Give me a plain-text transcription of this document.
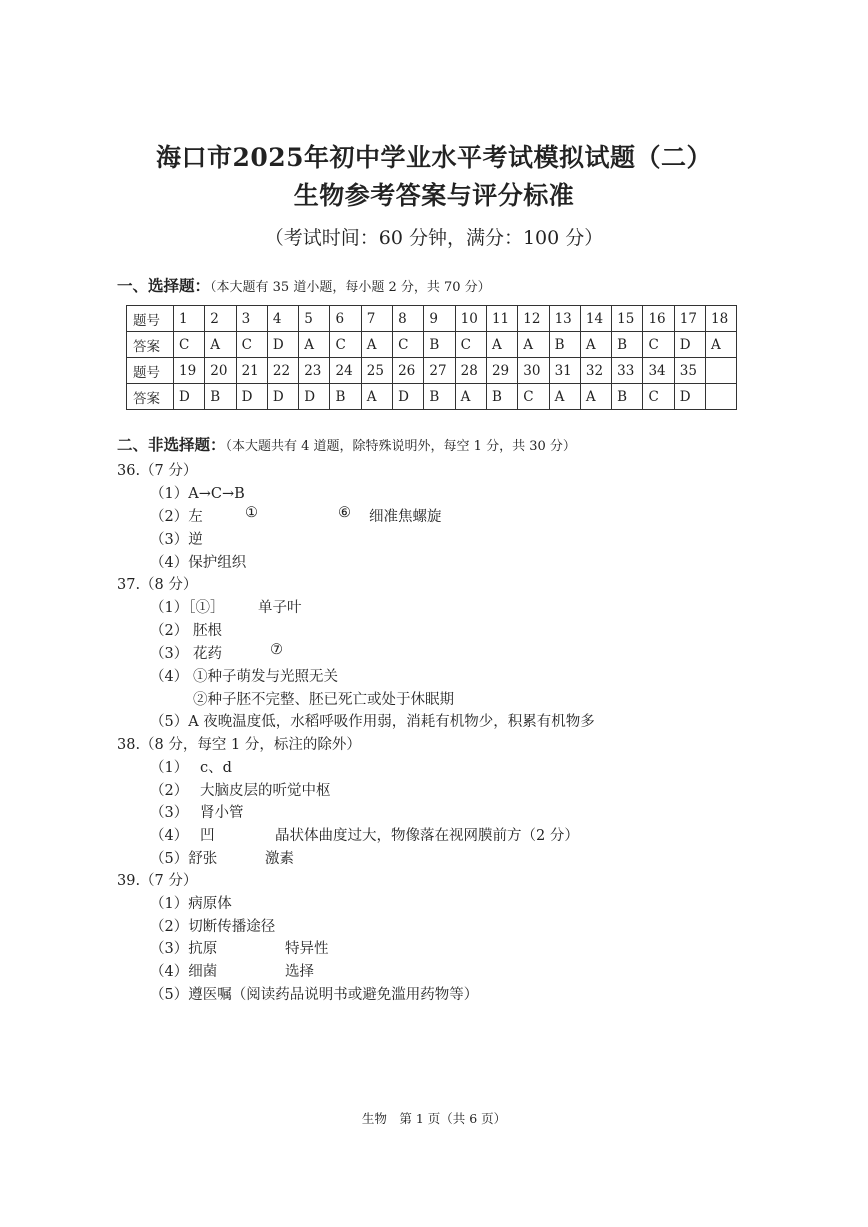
海口市2025年初中学业水平考试模拟试题（二）
生物参考答案与评分标准
（考试时间：60 分钟，满分：100 分）
一、选择题：（本大题有 35 道小题，每小题 2 分，共 70 分）
题号	1	2	3	4	5	6	7	8	9	10	11	12	13	14	15	16	17	18
答案	C	A	C	D	A	C	A	C	B	C	A	A	B	A	B	C	D	A
题号	19	20	21	22	23	24	25	26	27	28	29	30	31	32	33	34	35	
答案	D	B	D	D	D	B	A	D	B	A	B	C	A	A	B	C	D	
二、非选择题：（本大题共有 4 道题，除特殊说明外，每空 1 分，共 30 分）
36.（7 分）
（1）A→C→B
（2）左	①	⑥ 细准焦螺旋
（3）逆
（4）保护组织
37.（8 分）
（1）［①］ 单子叶
（2） 胚根
（3） 花药	⑦
（4） ①种子萌发与光照无关
②种子胚不完整、胚已死亡或处于休眠期
（5）A 夜晚温度低，水稻呼吸作用弱，消耗有机物少，积累有机物多
38.（8 分，每空 1 分，标注的除外）
（1） c、d
（2） 大脑皮层的听觉中枢
（3） 肾小管
（4） 凹	晶状体曲度过大，物像落在视网膜前方（2 分）
（5）舒张	激素
39.（7 分）
（1）病原体
（2）切断传播途径
（3）抗原	特异性
（4）细菌	选择
（5）遵医嘱（阅读药品说明书或避免滥用药物等）
生物　第 1 页（共 6 页）
